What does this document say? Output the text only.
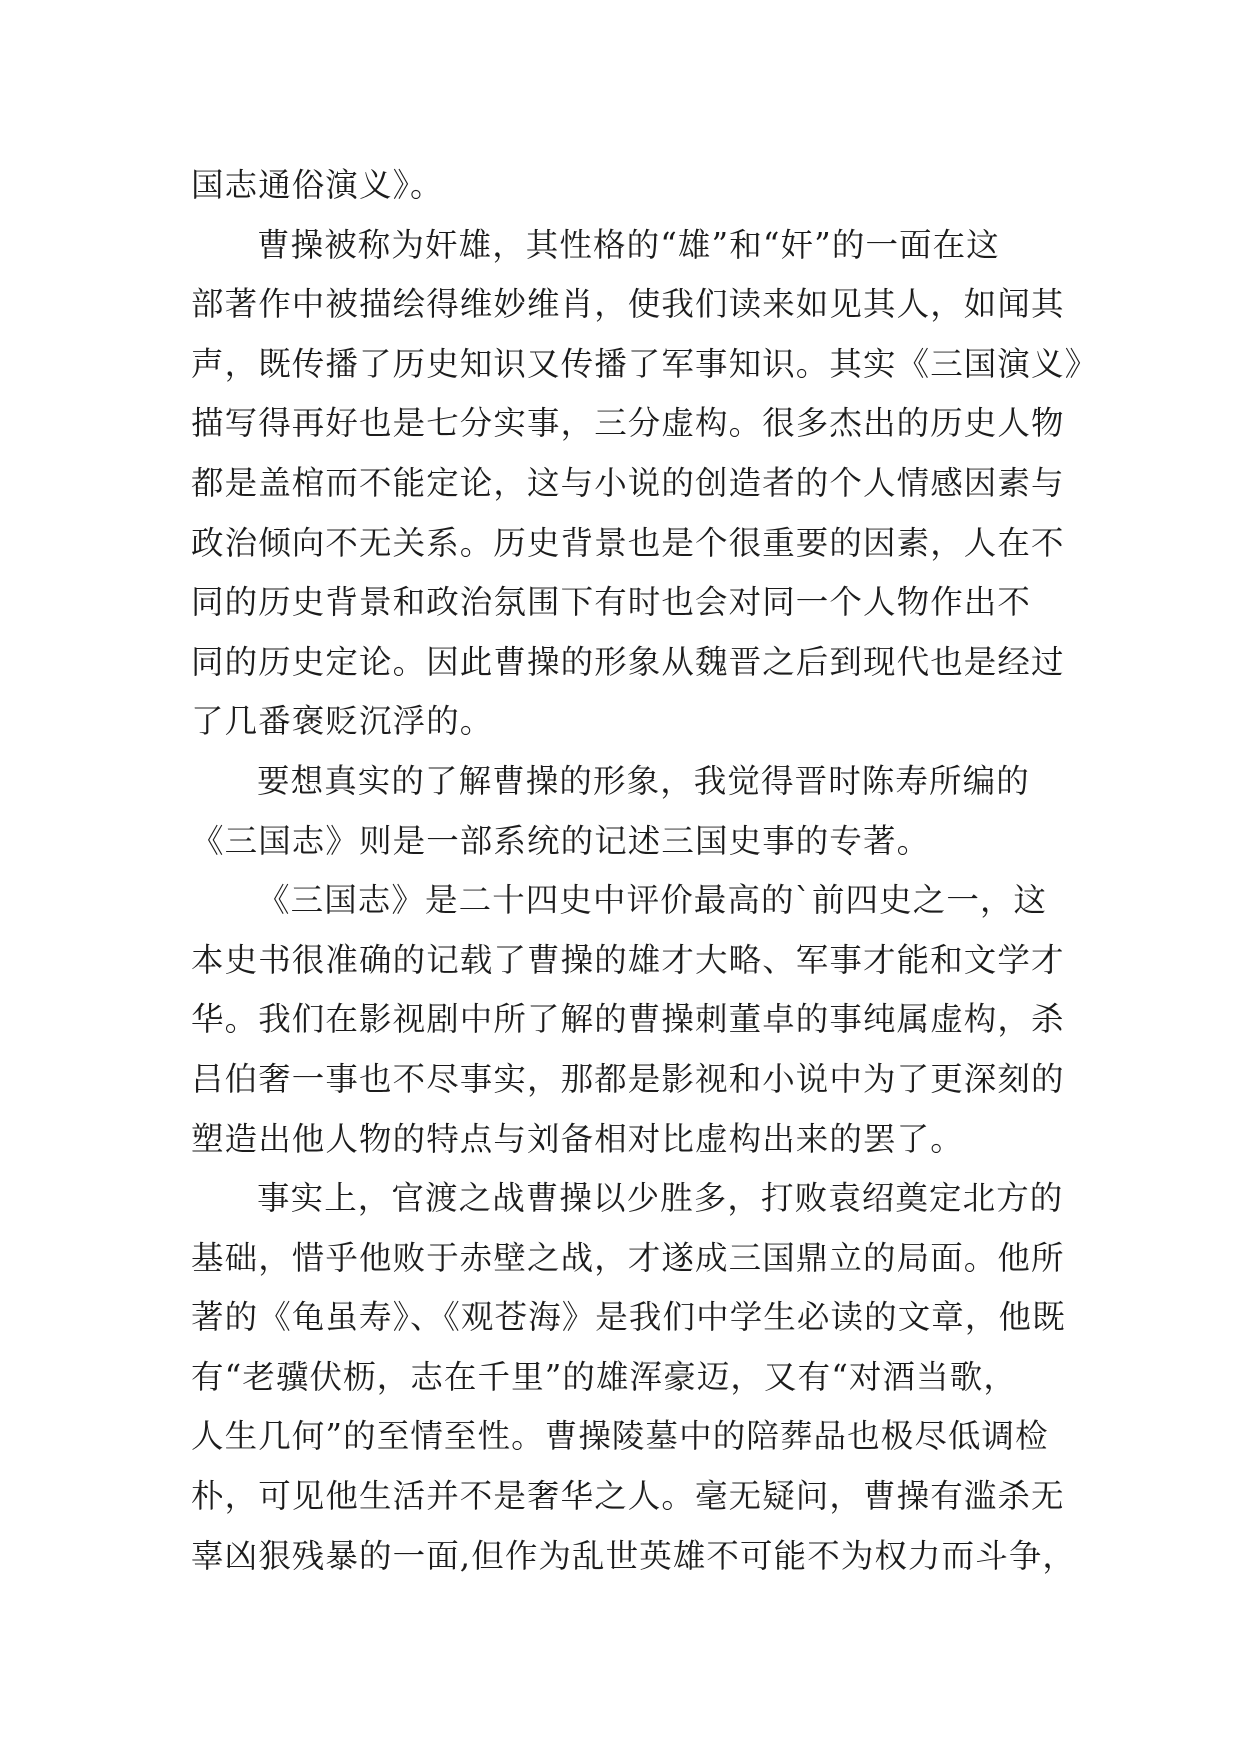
国志通俗演义》。
曹操被称为奸雄，其性格的“雄”和“奸”的一面在这
部著作中被描绘得维妙维肖，使我们读来如见其人，如闻其
声，既传播了历史知识又传播了军事知识。其实《三国演义》
描写得再好也是七分实事，三分虚构。很多杰出的历史人物
都是盖棺而不能定论，这与小说的创造者的个人情感因素与
政治倾向不无关系。历史背景也是个很重要的因素，人在不
同的历史背景和政治氛围下有时也会对同一个人物作出不
同的历史定论。因此曹操的形象从魏晋之后到现代也是经过
了几番褒贬沉浮的。
要想真实的了解曹操的形象，我觉得晋时陈寿所编的
《三国志》则是一部系统的记述三国史事的专著。
《三国志》是二十四史中评价最高的`前四史之一，这
本史书很准确的记载了曹操的雄才大略、军事才能和文学才
华。我们在影视剧中所了解的曹操刺董卓的事纯属虚构，杀
吕伯奢一事也不尽事实，那都是影视和小说中为了更深刻的
塑造出他人物的特点与刘备相对比虚构出来的罢了。
事实上，官渡之战曹操以少胜多，打败袁绍奠定北方的
基础，惜乎他败于赤壁之战，才遂成三国鼎立的局面。他所
著的《龟虽寿》、《观苍海》是我们中学生必读的文章，他既
有“老骥伏枥，志在千里”的雄浑豪迈，又有“对酒当歌，
人生几何”的至情至性。曹操陵墓中的陪葬品也极尽低调检
朴，可见他生活并不是奢华之人。毫无疑问，曹操有滥杀无
辜凶狠残暴的一面,但作为乱世英雄不可能不为权力而斗争，
